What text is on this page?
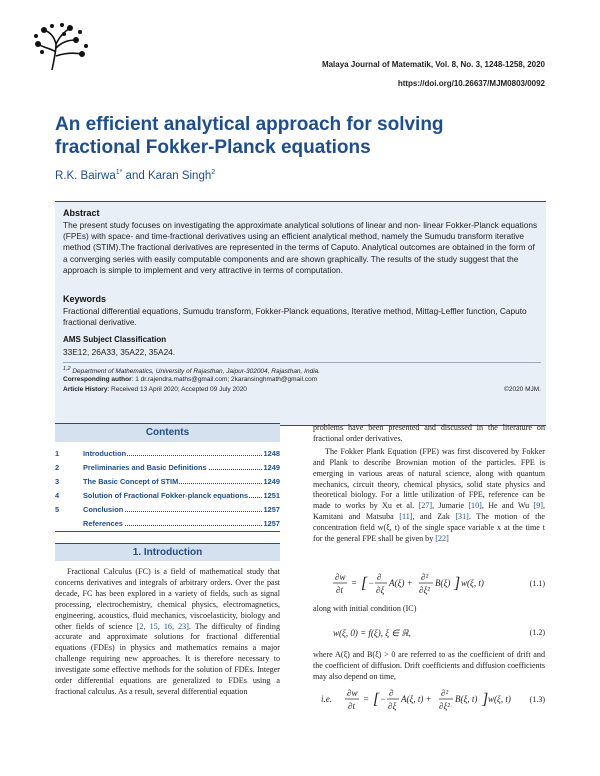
Malaya Journal of Matematik, Vol. 8, No. 3, 1248-1258, 2020
https://doi.org/10.26637/MJM0803/0092
An efficient analytical approach for solving fractional Fokker-Planck equations
R.K. Bairwa$^{1*}$ and Karan Singh$^2$
Abstract
The present study focuses on investigating the approximate analytical solutions of linear and non- linear Fokker-Planck equations (FPEs) with space- and time-fractional derivatives using an efficient analytical method, namely the Sumudu transform iterative method (STIM).The fractional derivatives are represented in the terms of Caputo. Analytical outcomes are obtained in the form of a converging series with easily computable components and are shown graphically. The results of the study suggest that the approach is simple to implement and very attractive in terms of computation.
Keywords
Fractional differential equations, Sumudu transform, Fokker-Planck equations, Iterative method, Mittag-Leffler function, Caputo fractional derivative.
AMS Subject Classification
33E12, 26A33, 35A22, 35A24.
$^{1,2}$ Department of Mathematics, University of Rajasthan, Jaipur-302004, Rajasthan, India.
Corresponding author: 1 dr.rajendra.maths@gmail.com; 2karansinghmath@gmail.com
Article History: Received 13 April 2020; Accepted 09 July 2020	©2020 MJM.
Contents
1	Introduction	1248
2	Preliminaries and Basic Definitions	1249
3	The Basic Concept of STIM	1249
4	Solution of Fractional Fokker-planck equations 1251
5	Conclusion	1257
References	1257
1. Introduction
Fractional Calculus (FC) is a field of mathematical study that concerns derivatives and integrals of arbitrary orders. Over the past decade, FC has been explored in a variety of fields, such as signal processing, electrochemistry, chemical physics, electromagnetics, engineering, acoustics, fluid mechanics, viscoelasticity, biology and other fields of science [2, 15, 16, 23]. The difficulty of finding accurate and approximate solutions for fractional differential equations (FDEs) in physics and mathematics remains a major challenge requiring new approaches. It is therefore necessary to investigate some effective methods for the solution of FDEs. Integer order differential equations are generalized to FDEs using a fractional calculus. As a result, several differential equation
problems have been presented and discussed in the literature on fractional order derivatives.
The Fokker Plank Equation (FPE) was first discovered by Fokker and Plank to describe Brownian motion of the particles. FPE is emerging in various areas of natural science, along with quantum mechanics, circuit theory, chemical physics, solid state physics and theoretical biology. For a little utilization of FPE, reference can be made to works by Xu et al. [27], Jumarie [10], He and Wu [9], Kamitani and Matsuba [11], and Zak [31]. The motion of the concentration field w(ξ, t) of the single space variable x at the time t for the general FPE shall be given by [22]
∂w
∂t
= [ −
∂
∂ξ
A(ξ) +
∂²
∂ξ²
B(ξ) ] w(ξ, t)	(1.1)
along with initial condition (IC)
w(ξ, 0) = f(ξ), ξ ∈ ℝ,	(1.2)
where A(ξ) and B(ξ) > 0 are referred to as the coefficient of drift and the coefficient of diffusion. Drift coefficients and diffusion coefficients may also depend on time,
i.e.
∂w
∂t
= [ −
∂
∂ξ
A(ξ, t) +
∂²
∂ξ²
B(ξ, t) ] w(ξ, t) (1.3)
